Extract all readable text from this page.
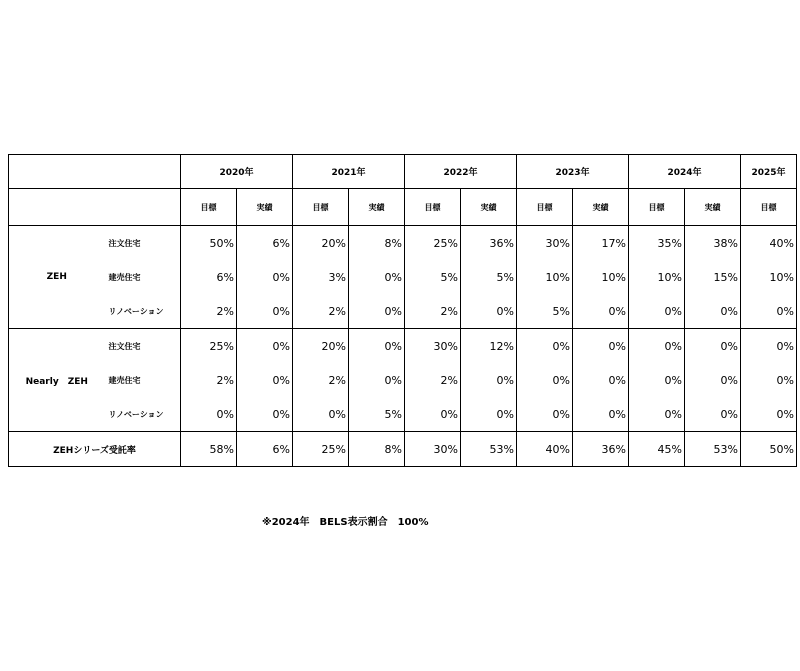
		2020年		2021年		2022年		2023年		2024年		2025年
		目標	実績	目標	実績	目標	実績	目標	実績	目標	実績	目標
ZEH	注文住宅	50%	6%	20%	8%	25%	36%	30%	17%	35%	38%	40%
	建売住宅	6%	0%	3%	0%	5%	5%	10%	10%	10%	15%	10%
	リノベーション	2%	0%	2%	0%	2%	0%	5%	0%	0%	0%	0%
Nearly　ZEH	注文住宅	25%	0%	20%	0%	30%	12%	0%	0%	0%	0%	0%
	建売住宅	2%	0%	2%	0%	2%	0%	0%	0%	0%	0%	0%
	リノベーション	0%	0%	0%	5%	0%	0%	0%	0%	0%	0%	0%
ZEHシリーズ受託率		58%	6%	25%	8%	30%	53%	40%	36%	45%	53%	50%
※2024年　BELS表示割合　100%
